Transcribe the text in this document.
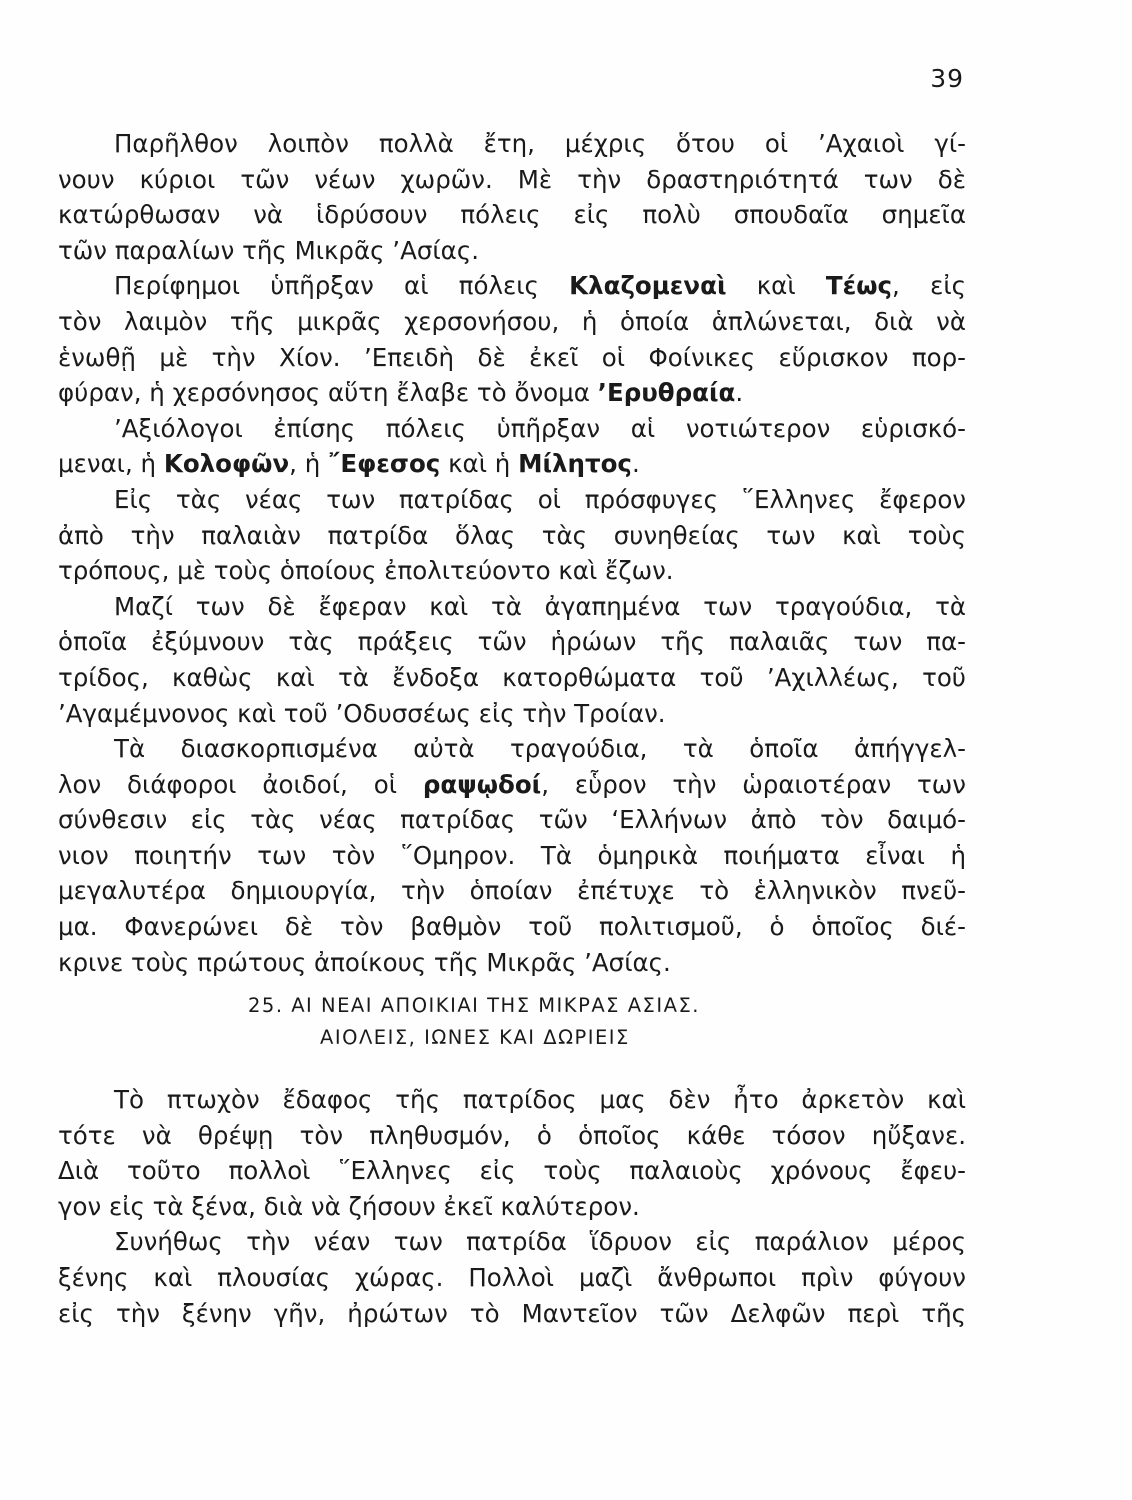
39
Παρῆλθον λοιπὸν πολλὰ ἔτη, μέχρις ὅτου οἱ ’Αχαιοὶ γί-
νουν κύριοι τῶν νέων χωρῶν. Μὲ τὴν δραστηριότητά των δὲ
κατώρθωσαν νὰ ἱδρύσουν πόλεις εἰς πολὺ σπουδαῖα σημεῖα
τῶν παραλίων τῆς Μικρᾶς ’Ασίας.
Περίφημοι ὑπῆρξαν αἱ πόλεις Κλαζομεναὶ καὶ Τέως, εἰς
τὸν λαιμὸν τῆς μικρᾶς χερσονήσου, ἡ ὁποία ἁπλώνεται, διὰ νὰ
ἑνωθῇ μὲ τὴν Χίον. ’Επειδὴ δὲ ἐκεῖ οἱ Φοίνικες εὕρισκον πορ-
φύραν, ἡ χερσόνησος αὕτη ἔλαβε τὸ ὄνομα ’Ερυθραία.
’Αξιόλογοι ἐπίσης πόλεις ὑπῆρξαν αἱ νοτιώτερον εὑρισκό-
μεναι, ἡ Κολοφῶν, ἡ ῎Εφεσος καὶ ἡ Μίλητος.
Εἰς τὰς νέας των πατρίδας οἱ πρόσφυγες ῞Ελληνες ἔφερον
ἀπὸ τὴν παλαιὰν πατρίδα ὅλας τὰς συνηθείας των καὶ τοὺς
τρόπους, μὲ τοὺς ὁποίους ἐπολιτεύοντο καὶ ἔζων.
Μαζί των δὲ ἔφεραν καὶ τὰ ἀγαπημένα των τραγούδια, τὰ
ὁποῖα ἐξύμνουν τὰς πράξεις τῶν ἡρώων τῆς παλαιᾶς των πα-
τρίδος, καθὼς καὶ τὰ ἔνδοξα κατορθώματα τοῦ ’Αχιλλέως, τοῦ
’Αγαμέμνονος καὶ τοῦ ’Οδυσσέως εἰς τὴν Τροίαν.
Τὰ διασκορπισμένα αὐτὰ τραγούδια, τὰ ὁποῖα ἀπήγγελ-
λον διάφοροι ἀοιδοί, οἱ ραψῳδοί, εὗρον τὴν ὡραιοτέραν των
σύνθεσιν εἰς τὰς νέας πατρίδας τῶν ‘Ελλήνων ἀπὸ τὸν δαιμό-
νιον ποιητήν των τὸν ῞Ομηρον. Τὰ ὁμηρικὰ ποιήματα εἶναι ἡ
μεγαλυτέρα δημιουργία, τὴν ὁποίαν ἐπέτυχε τὸ ἑλληνικὸν πνεῦ-
μα. Φανερώνει δὲ τὸν βαθμὸν τοῦ πολιτισμοῦ, ὁ ὁποῖος διέ-
κρινε τοὺς πρώτους ἀποίκους τῆς Μικρᾶς ’Ασίας.
25. ΑΙ ΝΕΑΙ ΑΠΟΙΚΙΑΙ ΤΗΣ ΜΙΚΡΑΣ ΑΣΙΑΣ.
ΑΙΟΛΕΙΣ, ΙΩΝΕΣ ΚΑΙ ΔΩΡΙΕΙΣ
Τὸ πτωχὸν ἔδαφος τῆς πατρίδος μας δὲν ἦτο ἀρκετὸν καὶ
τότε νὰ θρέψῃ τὸν πληθυσμόν, ὁ ὁποῖος κάθε τόσον ηὔξανε.
Διὰ τοῦτο πολλοὶ ῞Ελληνες εἰς τοὺς παλαιοὺς χρόνους ἔφευ-
γον εἰς τὰ ξένα, διὰ νὰ ζήσουν ἐκεῖ καλύτερον.
Συνήθως τὴν νέαν των πατρίδα ἵδρυον εἰς παράλιον μέρος
ξένης καὶ πλουσίας χώρας. Πολλοὶ μαζὶ ἄνθρωποι πρὶν φύγουν
εἰς τὴν ξένην γῆν, ἠρώτων τὸ Μαντεῖον τῶν Δελφῶν περὶ τῆς
